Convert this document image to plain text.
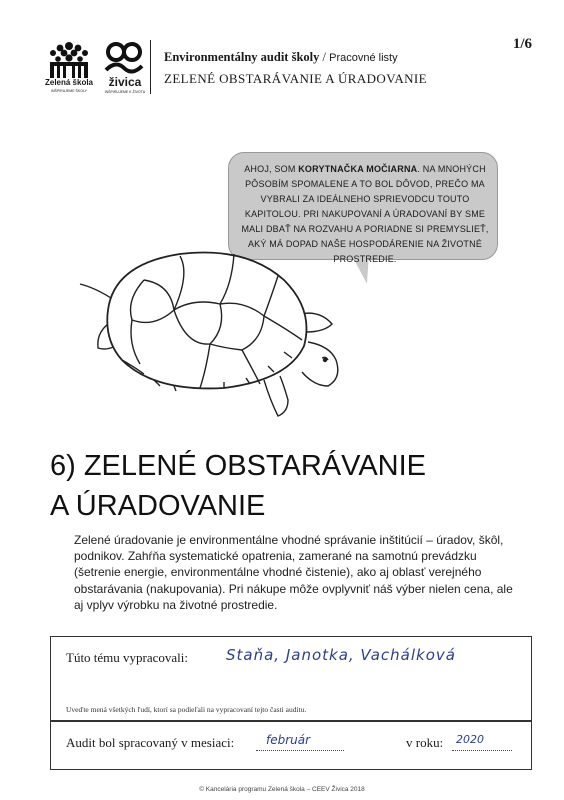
Zelená škola
INŠPIRUJEME ŠKOLY
živica
INŠPIRUJEME K ŽIVOTU
Environmentálny audit školy / Pracovné listy
ZELENÉ OBSTARÁVANIE A ÚRADOVANIE
1/6
AHOJ, SOM KORYTNAČKA MOČIARNA. NA MNOHÝCH PÔSOBÍM SPOMALENE A TO BOL DÔVOD, PREČO MA VYBRALI ZA IDEÁLNEHO SPRIEVODCU TOUTO KAPITOLOU. PRI NAKUPOVANÍ A ÚRADOVANÍ BY SME MALI DBAŤ NA ROZVAHU A PORIADNE SI PREMYSLIEŤ, AKÝ MÁ DOPAD NAŠE HOSPODÁRENIE NA ŽIVOTNÉ PROSTREDIE.
6) ZELENÉ OBSTARÁVANIE
A ÚRADOVANIE
Zelené úradovanie je environmentálne vhodné správanie inštitúcií – úradov, škôl, podnikov. Zahŕňa systematické opatrenia, zamerané na samotnú prevádzku (šetrenie energie, environmentálne vhodné čistenie), ako aj oblasť verejného obstarávania (nakupovania). Pri nákupe môže ovplyvniť náš výber nielen cena, ale aj vplyv výrobku na životné prostredie.
Túto tému vypracovali:	Staňa, Janotka, Vachálková
Uveďte mená všetkých ľudí, ktorí sa podieľali na vypracovaní tejto časti auditu.
Audit bol spracovaný v mesiaci:	február	v roku: 2020
© Kancelária programu Zelená škola – CEEV Živica 2018
